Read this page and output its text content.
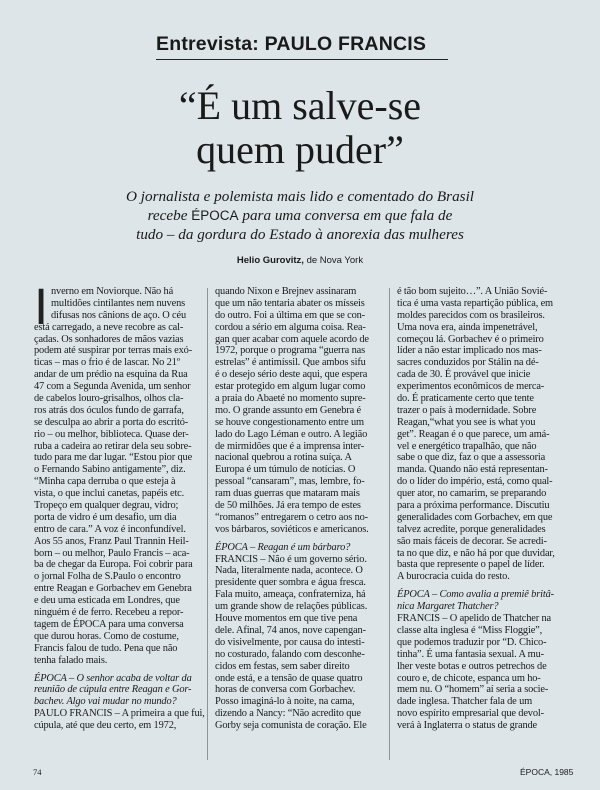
Entrevista: PAULO FRANCIS
“É um salve-se
quem puder”
O jornalista e polemista mais lido e comentado do Brasil
recebe ÉPOCA para uma conversa em que fala de
tudo – da gordura do Estado à anorexia das mulheres
Helio Gurovitz, de Nova York
I nverno em Noviorque. Não há
multidões cintilantes nem nuvens
difusas nos cânions de aço. O céu
está carregado, a neve recobre as cal-
çadas. Os sonhadores de mãos vazias
podem até suspirar por terras mais exó-
ticas – mas o frio é de lascar. No 21º
andar de um prédio na esquina da Rua
47 com a Segunda Avenida, um senhor
de cabelos louro-grisalhos, olhos cla-
ros atrás dos óculos fundo de garrafa,
se desculpa ao abrir a porta do escritó-
rio – ou melhor, biblioteca. Quase der-
ruba a cadeira ao retirar dela seu sobre-
tudo para me dar lugar. “Estou pior que
o Fernando Sabino antigamente”, diz.
“Minha capa derruba o que esteja à
vista, o que inclui canetas, papéis etc.
Tropeço em qualquer degrau, vidro;
porta de vidro é um desafio, um dia
entro de cara.” A voz é inconfundível.
Aos 55 anos, Franz Paul Trannin Heil-
born – ou melhor, Paulo Francis – aca-
ba de chegar da Europa. Foi cobrir para
o jornal Folha de S.Paulo o encontro
entre Reagan e Gorbachev em Genebra
e deu uma esticada em Londres, que
ninguém é de ferro. Recebeu a repor-
tagem de ÉPOCA para uma conversa
que durou horas. Como de costume,
Francis falou de tudo. Pena que não
tenha falado mais.
ÉPOCA – O senhor acaba de voltar da
reunião de cúpula entre Reagan e Gor-
bachev. Algo vai mudar no mundo?
PAULO FRANCIS – A primeira a que fui,
cúpula, até que deu certo, em 1972,
quando Nixon e Brejnev assinaram
que um não tentaria abater os mísseis
do outro. Foi a última em que se con-
cordou a sério em alguma coisa. Rea-
gan quer acabar com aquele acordo de
1972, porque o programa “guerra nas
estrelas” é antimíssil. Que ambos sifu
é o desejo sério deste aqui, que espera
estar protegido em algum lugar como
a praia do Abaeté no momento supre-
mo. O grande assunto em Genebra é
se houve congestionamento entre um
lado do Lago Léman e outro. A legião
de mirmidões que é a imprensa inter-
nacional quebrou a rotina suíça. A
Europa é um túmulo de notícias. O
pessoal “cansaram”, mas, lembre, fo-
ram duas guerras que mataram mais
de 50 milhões. Já era tempo de estes
“romanos” entregarem o cetro aos no-
vos bárbaros, soviéticos e americanos.
ÉPOCA – Reagan é um bárbaro?
FRANCIS – Não é um governo sério.
Nada, literalmente nada, acontece. O
presidente quer sombra e água fresca.
Fala muito, ameaça, confraterniza, há
um grande show de relações públicas.
Houve momentos em que tive pena
dele. Afinal, 74 anos, nove capengan-
do visivelmente, por causa do intesti-
no costurado, falando com desconhe-
cidos em festas, sem saber direito
onde está, e a tensão de quase quatro
horas de conversa com Gorbachev.
Posso imaginá-lo à noite, na cama,
dizendo a Nancy: “Não acredito que
Gorby seja comunista de coração. Ele
é tão bom sujeito…”. A União Sovié-
tica é uma vasta repartição pública, em
moldes parecidos com os brasileiros.
Uma nova era, ainda impenetrável,
começou lá. Gorbachev é o primeiro
líder a não estar implicado nos mas-
sacres conduzidos por Stálin na dé-
cada de 30. É provável que inicie
experimentos econômicos de merca-
do. É praticamente certo que tente
trazer o país à modernidade. Sobre
Reagan,“what you see is what you
get”. Reagan é o que parece, um amá-
vel e energético trapalhão, que não
sabe o que diz, faz o que a assessoria
manda. Quando não está representan-
do o líder do império, está, como qual-
quer ator, no camarim, se preparando
para a próxima performance. Discutiu
generalidades com Gorbachev, em que
talvez acredite, porque generalidades
são mais fáceis de decorar. Se acredi-
ta no que diz, e não há por que duvidar,
basta que represente o papel de líder.
A burocracia cuida do resto.
ÉPOCA – Como avalia a premiê britâ-
nica Margaret Thatcher?
FRANCIS – O apelido de Thatcher na
classe alta inglesa é “Miss Floggie”,
que podemos traduzir por “D. Chico-
tinha”. É uma fantasia sexual. A mu-
lher veste botas e outros petrechos de
couro e, de chicote, espanca um ho-
mem nu. O “homem” aí seria a socie-
dade inglesa. Thatcher fala de um
novo espírito empresarial que devol-
verá à Inglaterra o status de grande
74	ÉPOCA, 1985
